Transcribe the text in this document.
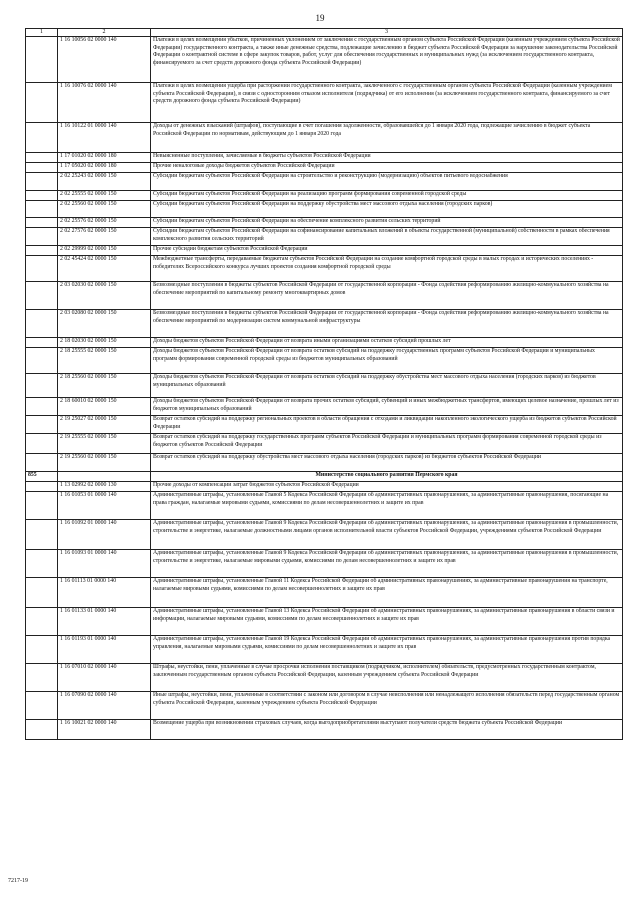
19
1	2	3
	1 16 10056 02 0000 140	Платежи в целях возмещения убытков, причиненных уклонением от заключения с государственным органом субъекта Российской Федерации (казенным учреждением субъекта Российской Федерации) государственного контракта, а также иные денежные средства, подлежащие зачислению в бюджет субъекта Российской Федерации за нарушение законодательства Российской Федерации о контрактной системе в сфере закупок товаров, работ, услуг для обеспечения государственных и муниципальных нужд (за исключением государственного контракта, финансируемого за счет средств дорожного фонда субъекта Российской Федерации)
	1 16 10076 02 0000 140	Платежи в целях возмещения ущерба при расторжении государственного контракта, заключенного с государственным органом субъекта Российской Федерации (казенным учреждением субъекта Российской Федерации), в связи с односторонним отказом исполнителя (подрядчика) от его исполнения (за исключением государственного контракта, финансируемого за счет средств дорожного фонда субъекта Российской Федерации)
	1 16 10122 01 0000 140	Доходы от денежных взысканий (штрафов), поступающие в счет погашения задолженности, образовавшейся до 1 января 2020 года, подлежащие зачислению в бюджет субъекта Российской Федерации по нормативам, действующим до 1 января 2020 года
	1 17 01020 02 0000 180	Невыясненные поступления, зачисляемые в бюджеты субъектов Российской Федерации
	1 17 05020 02 0000 180	Прочие неналоговые доходы бюджетов субъектов Российской Федерации
	2 02 25243 02 0000 150	Субсидии бюджетам субъектов Российской Федерации на строительство и реконструкцию (модернизацию) объектов питьевого водоснабжения
	2 02 25555 02 0000 150	Субсидии бюджетам субъектов Российской Федерации на реализацию программ формирования современной городской среды
	2 02 25560 02 0000 150	Субсидии бюджетам субъектов Российской Федерации на поддержку обустройства мест массового отдыха населения (городских парков)
	2 02 25576 02 0000 150	Субсидии бюджетам субъектов Российской Федерации на обеспечение комплексного развития сельских территорий
	2 02 27576 02 0000 150	Субсидии бюджетам субъектов Российской Федерации на софинансирование капитальных вложений в объекты государственной (муниципальной) собственности в рамках обеспечения комплексного развития сельских территорий
	2 02 29999 02 0000 150	Прочие субсидии бюджетам субъектов Российской Федерации
	2 02 45424 02 0000 150	Межбюджетные трансферты, передаваемые бюджетам субъектов Российской Федерации на создание комфортной городской среды в малых городах и исторических поселениях - победителях Всероссийского конкурса лучших проектов создания комфортной городской среды
	2 03 02030 02 0000 150	Безвозмездные поступления в бюджеты субъектов Российской Федерации от государственной корпорации - Фонда содействия реформированию жилищно-коммунального хозяйства на обеспечение мероприятий по капитальному ремонту многоквартирных домов
	2 03 02080 02 0000 150	Безвозмездные поступления в бюджеты субъектов Российской Федерации от государственной корпорации - Фонда содействия реформированию жилищно-коммунального хозяйства на обеспечение мероприятий по модернизации систем коммунальной инфраструктуры
	2 18 02030 02 0000 150	Доходы бюджетов субъектов Российской Федерации от возврата иными организациями остатков субсидий прошлых лет
	2 18 25555 02 0000 150	Доходы бюджетов субъектов Российской Федерации от возврата остатков субсидий на поддержку государственных программ субъектов Российской Федерации и муниципальных программ формирования современной городской среды из бюджетов муниципальных образований
	2 18 25560 02 0000 150	Доходы бюджетов субъектов Российской Федерации от возврата остатков субсидий на поддержку обустройства мест массового отдыха населения (городских парков) из бюджетов муниципальных образований
	2 18 60010 02 0000 150	Доходы бюджетов субъектов Российской Федерации от возврата прочих остатков субсидий, субвенций и иных межбюджетных трансфертов, имеющих целевое назначение, прошлых лет из бюджетов муниципальных образований
	2 19 25027 02 0000 150	Возврат остатков субсидий на поддержку региональных проектов в области обращения с отходами и ликвидации накопленного экологического ущерба из бюджетов субъектов Российской Федерации
	2 19 25555 02 0000 150	Возврат остатков субсидий на поддержку государственных программ субъектов Российской Федерации и муниципальных программ формирования современной городской среды из бюджетов субъектов Российской Федерации
	2 19 25560 02 0000 150	Возврат остатков субсидий на поддержку обустройства мест массового отдыха населения (городских парков) из бюджетов субъектов Российской Федерации
855		Министерство социального развития Пермского края
	1 13 02992 02 0000 130	Прочие доходы от компенсации затрат бюджетов субъектов Российской Федерации
	1 16 01053 01 0000 140	Административные штрафы, установленные Главой 5 Кодекса Российской Федерации об административных правонарушениях, за административные правонарушения, посягающие на права граждан, налагаемые мировыми судьями, комиссиями по делам несовершеннолетних и защите их прав
	1 16 01092 01 0000 140	Административные штрафы, установленные Главой 9 Кодекса Российской Федерации об административных правонарушениях, за административные правонарушения в промышленности, строительстве и энергетике, налагаемые должностными лицами органов исполнительной власти субъектов Российской Федерации, учреждениями субъектов Российской Федерации
	1 16 01093 01 0000 140	Административные штрафы, установленные Главой 9 Кодекса Российской Федерации об административных правонарушениях, за административные правонарушения в промышленности, строительстве и энергетике, налагаемые мировыми судьями, комиссиями по делам несовершеннолетних и защите их прав
	1 16 01113 01 0000 140	Административные штрафы, установленные Главой 11 Кодекса Российской Федерации об административных правонарушениях, за административные правонарушения на транспорте, налагаемые мировыми судьями, комиссиями по делам несовершеннолетних и защите их прав
	1 16 01133 01 0000 140	Административные штрафы, установленные Главой 13 Кодекса Российской Федерации об административных правонарушениях, за административные правонарушения в области связи и информации, налагаемые мировыми судьями, комиссиями по делам несовершеннолетних и защите их прав
	1 16 01193 01 0000 140	Административные штрафы, установленные Главой 19 Кодекса Российской Федерации об административных правонарушениях, за административные правонарушения против порядка управления, налагаемые мировыми судьями, комиссиями по делам несовершеннолетних и защите их прав
	1 16 07010 02 0000 140	Штрафы, неустойки, пени, уплаченные в случае просрочки исполнения поставщиком (подрядчиком, исполнителем) обязательств, предусмотренных государственным контрактом, заключенным государственным органом субъекта Российской Федерации, казенным учреждением субъекта Российской Федерации
	1 16 07090 02 0000 140	Иные штрафы, неустойки, пени, уплаченные в соответствии с законом или договором в случае неисполнения или ненадлежащего исполнения обязательств перед государственным органом субъекта Российской Федерации, казенным учреждением субъекта Российской Федерации
	1 16 10021 02 0000 140	Возмещение ущерба при возникновении страховых случаев, когда выгодоприобретателями выступают получатели средств бюджета субъекта Российской Федерации
7217-19
